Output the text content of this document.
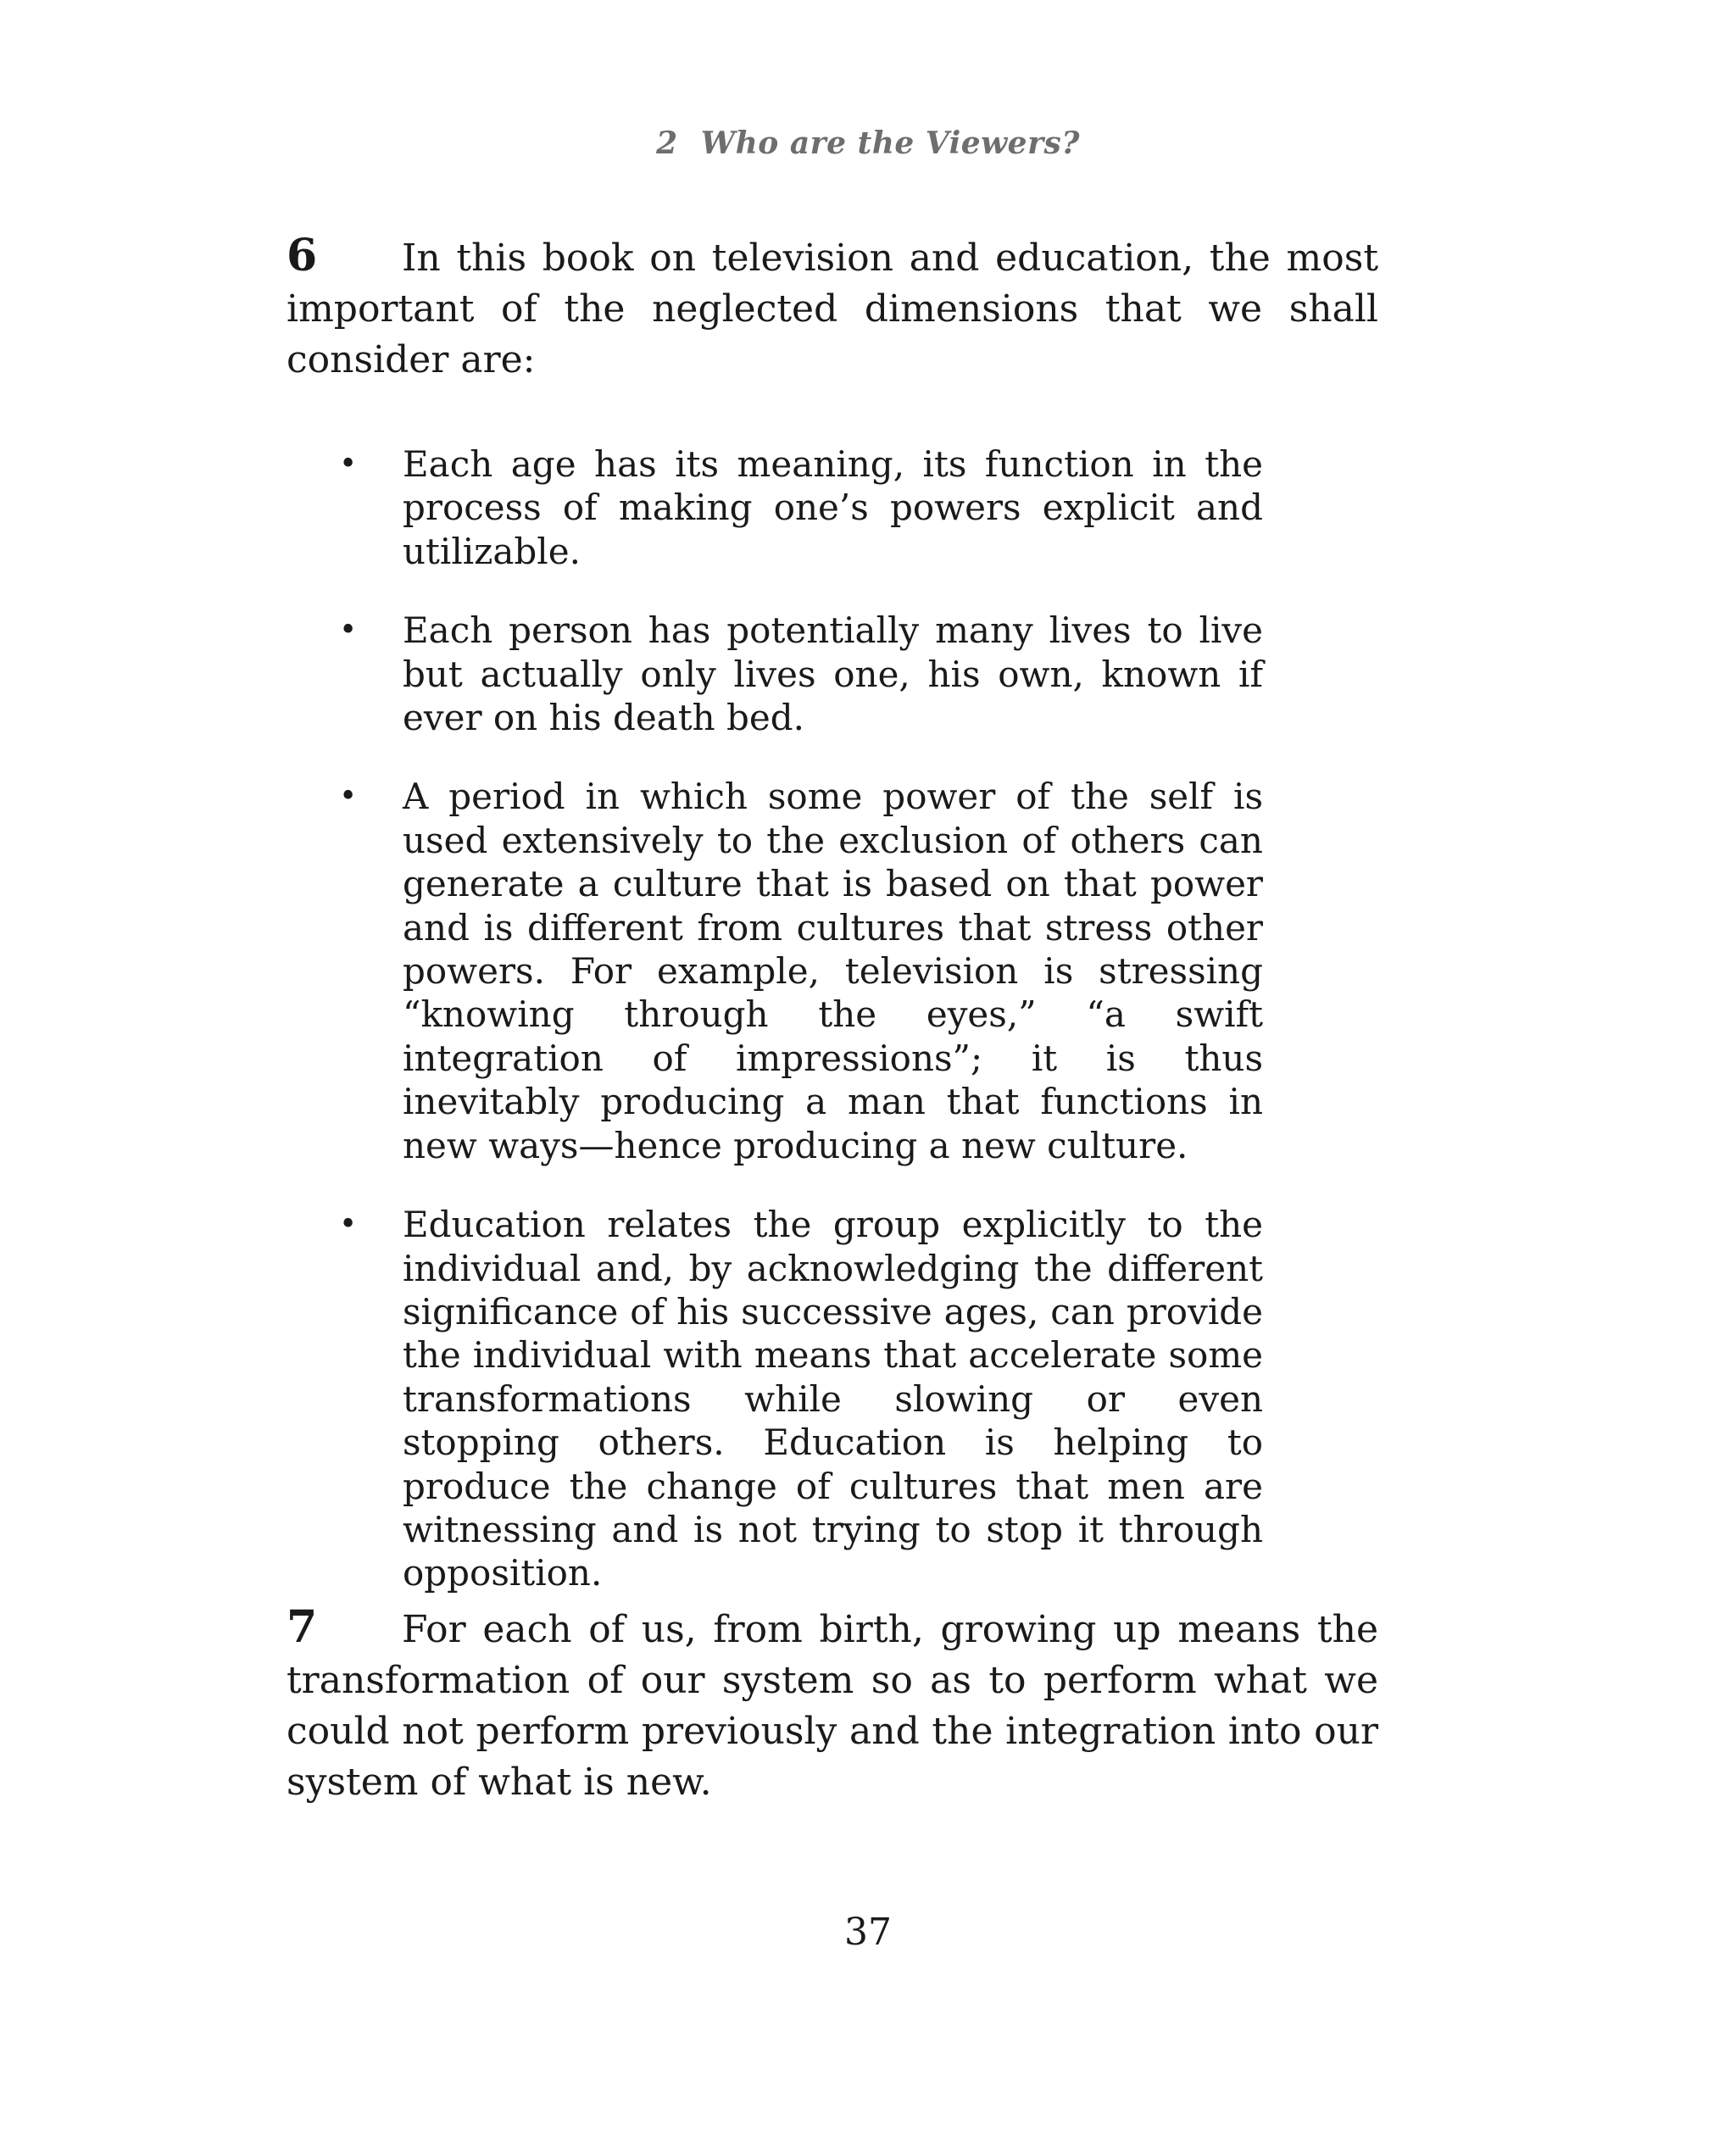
2 Who are the Viewers?
6 In this book on television and education, the most important of the neglected dimensions that we shall consider are:
• Each age has its meaning, its function in the process of making one’s powers explicit and utilizable.
• Each person has potentially many lives to live but actually only lives one, his own, known if ever on his death bed.
• A period in which some power of the self is used extensively to the exclusion of others can generate a culture that is based on that power and is different from cultures that stress other powers. For example, television is stressing “knowing through the eyes,” “a swift integration of impressions”; it is thus inevitably producing a man that functions in new ways—hence producing a new culture.
• Education relates the group explicitly to the individual and, by acknowledging the different significance of his successive ages, can provide the individual with means that accelerate some transformations while slowing or even stopping others. Education is helping to produce the change of cultures that men are witnessing and is not trying to stop it through opposition.
7 For each of us, from birth, growing up means the transformation of our system so as to perform what we could not perform previously and the integration into our system of what is new.
37
